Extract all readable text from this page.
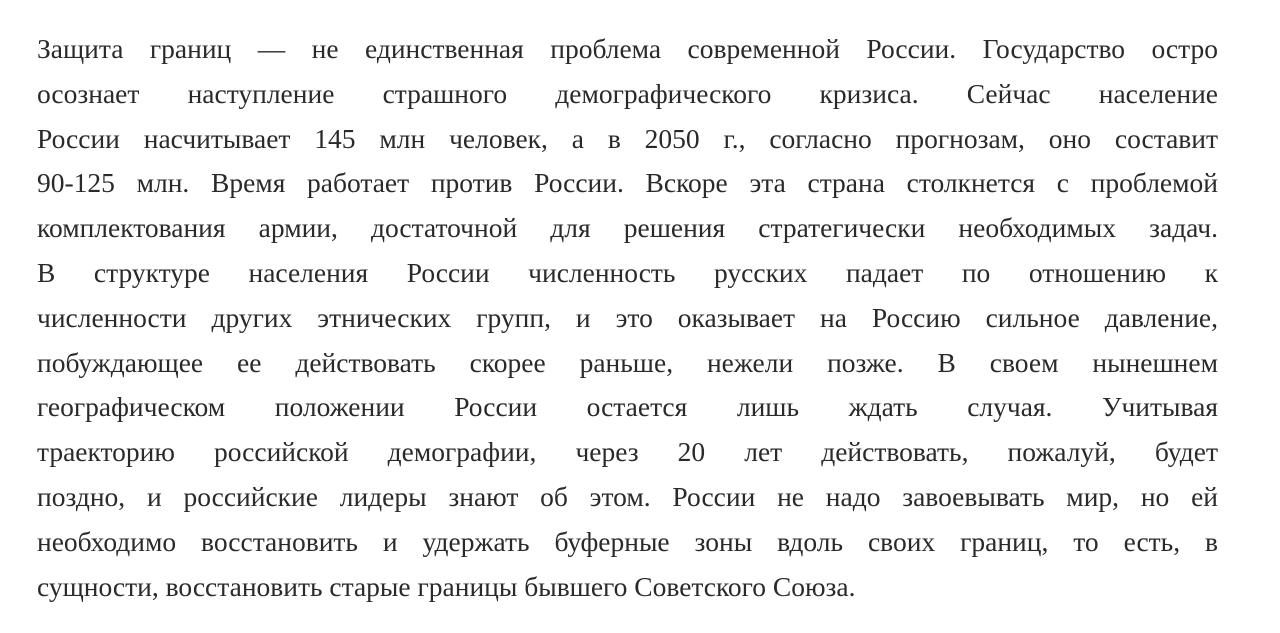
Защита границ — не единственная проблема современной России. Государство остро
осознает наступление страшного демографического кризиса. Сейчас население
России насчитывает 145 млн человек, а в 2050 г., согласно прогнозам, оно составит
90-125 млн. Время работает против России. Вскоре эта страна столкнется с проблемой
комплектования армии, достаточной для решения стратегически необходимых задач.
В структуре населения России численность русских падает по отношению к
численности других этнических групп, и это оказывает на Россию сильное давление,
побуждающее ее действовать скорее раньше, нежели позже. В своем нынешнем
географическом положении России остается лишь ждать случая. Учитывая
траекторию российской демографии, через 20 лет действовать, пожалуй, будет
поздно, и российские лидеры знают об этом. России не надо завоевывать мир, но ей
необходимо восстановить и удержать буферные зоны вдоль своих границ, то есть, в
сущности, восстановить старые границы бывшего Советского Союза.
